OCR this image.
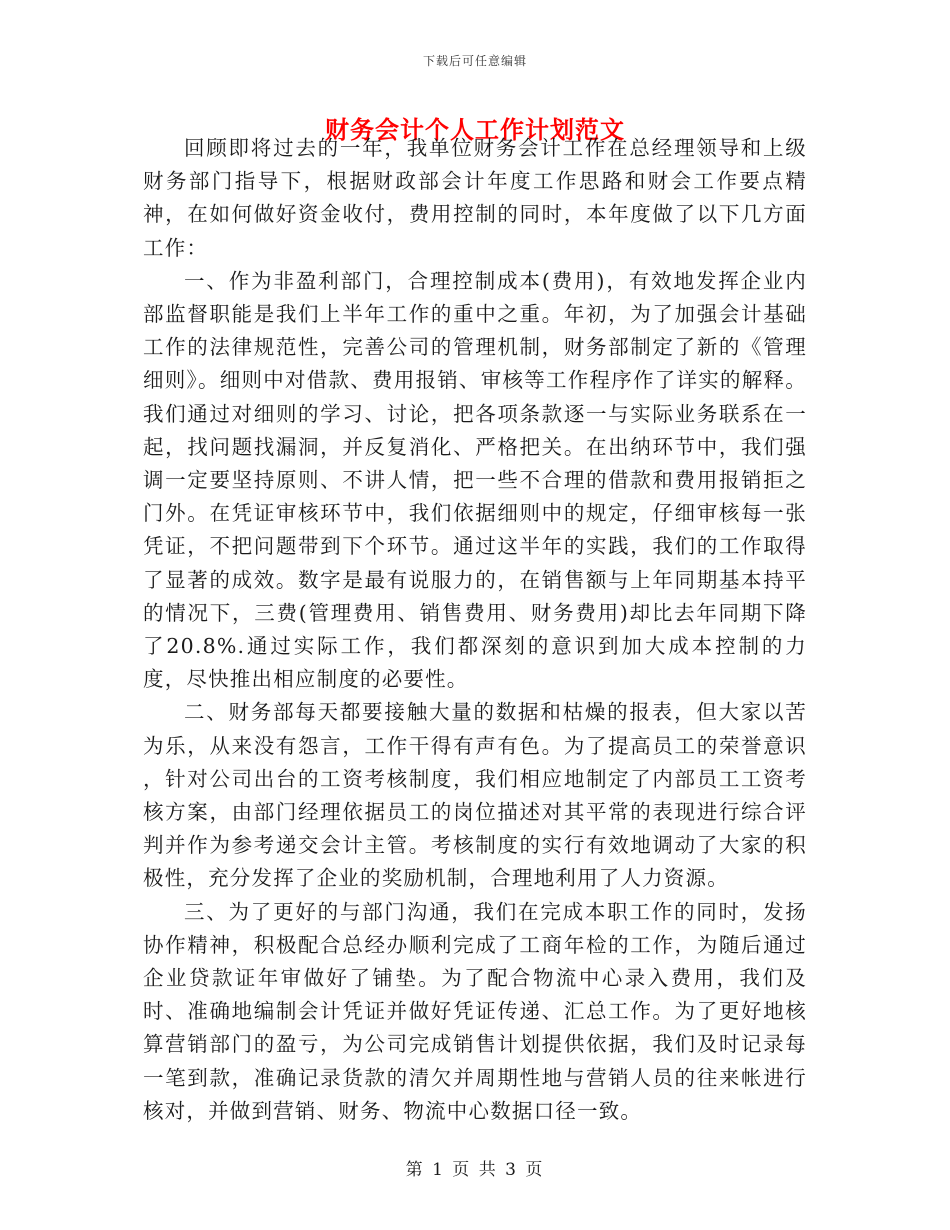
下载后可任意编辑
财务会计个人工作计划范文

回顾即将过去的一年，我单位财务会计工作在总经理领导和上级财务部门指导下，根据财政部会计年度工作思路和财会工作要点精神，在如何做好资金收付，费用控制的同时，本年度做了以下几方面工作：

一、作为非盈利部门，合理控制成本(费用)，有效地发挥企业内部监督职能是我们上半年工作的重中之重。年初，为了加强会计基础工作的法律规范性，完善公司的管理机制，财务部制定了新的《管理细则》。细则中对借款、费用报销、审核等工作程序作了详实的解释。我们通过对细则的学习、讨论，把各项条款逐一与实际业务联系在一起，找问题找漏洞，并反复消化、严格把关。在出纳环节中，我们强调一定要坚持原则、不讲人情，把一些不合理的借款和费用报销拒之门外。在凭证审核环节中，我们依据细则中的规定，仔细审核每一张凭证，不把问题带到下个环节。通过这半年的实践，我们的工作取得了显著的成效。数字是最有说服力的，在销售额与上年同期基本持平的情况下，三费(管理费用、销售费用、财务费用)却比去年同期下降了20.8%.通过实际工作，我们都深刻的意识到加大成本控制的力度，尽快推出相应制度的必要性。

二、财务部每天都要接触大量的数据和枯燥的报表，但大家以苦为乐，从来没有怨言，工作干得有声有色。为了提高员工的荣誉意识 ，针对公司出台的工资考核制度，我们相应地制定了内部员工工资考核方案，由部门经理依据员工的岗位描述对其平常的表现进行综合评判并作为参考递交会计主管。考核制度的实行有效地调动了大家的积极性，充分发挥了企业的奖励机制，合理地利用了人力资源。

三、为了更好的与部门沟通，我们在完成本职工作的同时，发扬协作精神，积极配合总经办顺利完成了工商年检的工作，为随后通过企业贷款证年审做好了铺垫。为了配合物流中心录入费用，我们及时、准确地编制会计凭证并做好凭证传递、汇总工作。为了更好地核算营销部门的盈亏，为公司完成销售计划提供依据，我们及时记录每一笔到款，准确记录货款的清欠并周期性地与营销人员的往来帐进行核对，并做到营销、财务、物流中心数据口径一致。

第 1 页 共 3 页
